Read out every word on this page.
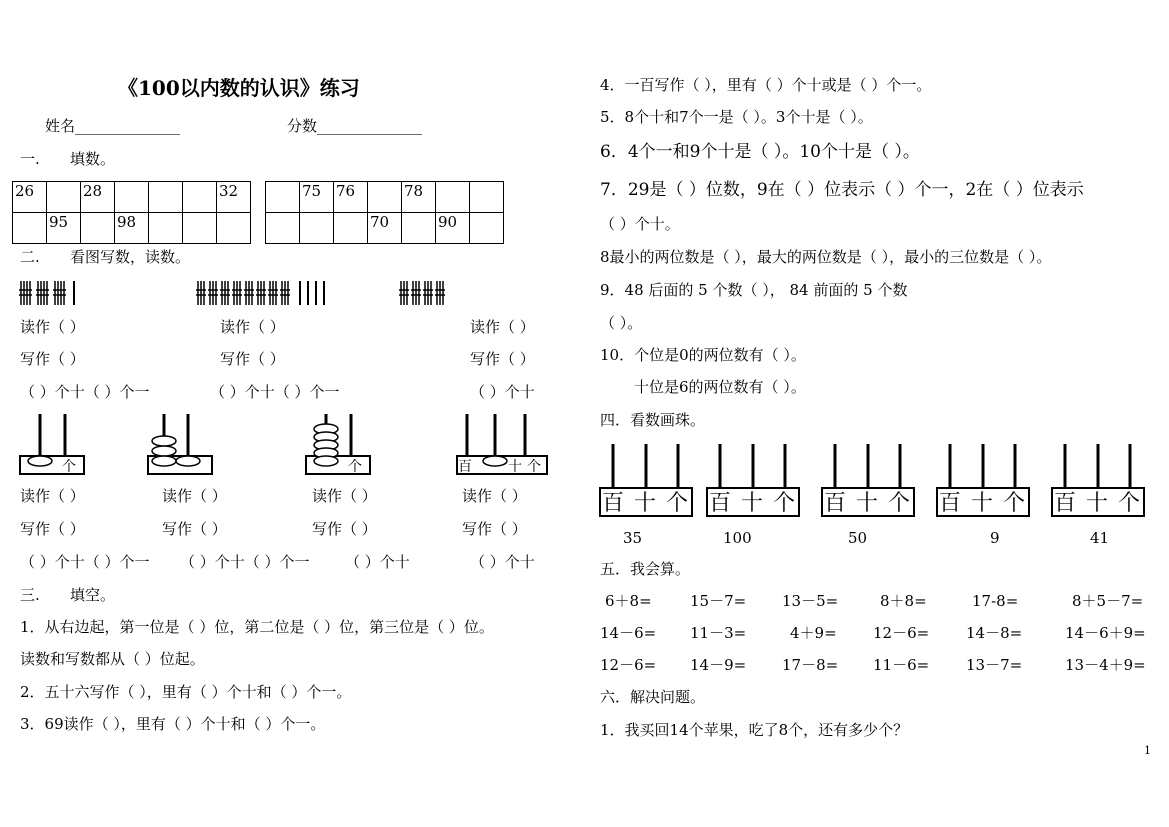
《100以内数的认识》练习
姓名______________	分数______________
一. 填数。
26		28				32
	95		98			
	75	76		78		
			70		90	
二. 看图写数，读数。
读作（ ）	读作（ ）	读作（ ）
写作（ ）	写作（ ）	写作（ ）
（ ）个十（ ）个一	（ ）个十（ ）个一	（ ）个十
个	个	百	十 个
读作（ ）	读作（ ）	读作（ ）	读作（ ）
写作（ ）	写作（ ）	写作（ ）	写作（ ）
（ ）个十（ ）个一 （ ）个十（ ）个一 （ ）个十	（ ）个十
三. 填空。
1．从右边起，第一位是（ ）位，第二位是（ ）位，第三位是（ ）位。
读数和写数都从（ ）位起。
2．五十六写作（ ），里有（ ）个十和（ ）个一。
3．69读作（ ），里有（ ）个十和（ ）个一。
4．一百写作（ ），里有（ ）个十或是（ ）个一。
5．8个十和7个一是（ ）。3个十是（ ）。
6．4个一和9个十是（ ）。10个十是（ ）。
7．29是（ ）位数，9在（ ）位表示（ ）个一，2在（ ）位表示
（ ）个十。
8最小的两位数是（ ），最大的两位数是（ ），最小的三位数是（ ）。
9．48 后面的 5 个数（ ）， 84 前面的 5 个数
（ ）。
10．个位是0的两位数有（ ）。
十位是6的两位数有（ ）。
四．看数画珠。
百 十 个 百 十 个 百 十 个 百 十 个 百 十 个
35	100	50	9	41
五．我会算。
6＋8=	15－7= 13－5=	8＋8=	17-8=	8＋5－7=
14－6= 11－3=	4＋9= 12－6= 14－8=	14－6＋9=
12－6= 14－9= 17－8= 11－6= 13－7=	13－4＋9=
六．解决问题。
1．我买回14个苹果，吃了8个，还有多少个？
1
